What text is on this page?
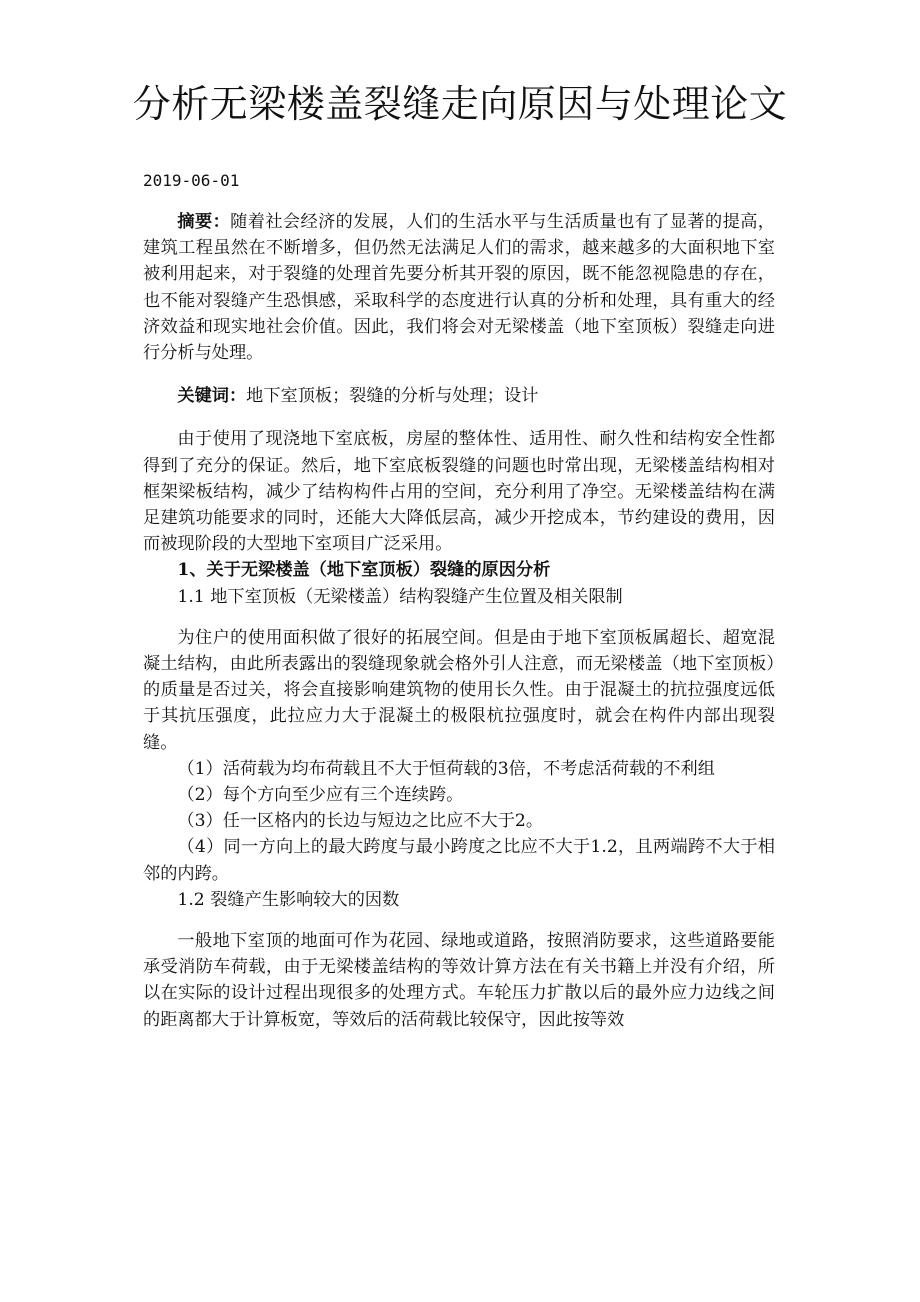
分析无梁楼盖裂缝走向原因与处理论文

2019-06-01

摘要：随着社会经济的发展，人们的生活水平与生活质量也有了显著的提高，建筑工程虽然在不断增多，但仍然无法满足人们的需求，越来越多的大面积地下室被利用起来，对于裂缝的处理首先要分析其开裂的原因，既不能忽视隐患的存在，也不能对裂缝产生恐惧感，采取科学的态度进行认真的分析和处理，具有重大的经济效益和现实地社会价值。因此，我们将会对无梁楼盖（地下室顶板）裂缝走向进行分析与处理。

关键词：地下室顶板；裂缝的分析与处理；设计

由于使用了现浇地下室底板，房屋的整体性、适用性、耐久性和结构安全性都得到了充分的保证。然后，地下室底板裂缝的问题也时常出现，无梁楼盖结构相对框架梁板结构，减少了结构构件占用的空间，充分利用了净空。无梁楼盖结构在满足建筑功能要求的同时，还能大大降低层高，减少开挖成本，节约建设的费用，因而被现阶段的大型地下室项目广泛采用。

1、关于无梁楼盖（地下室顶板）裂缝的原因分析

1.1 地下室顶板（无梁楼盖）结构裂缝产生位置及相关限制

为住户的使用面积做了很好的拓展空间。但是由于地下室顶板属超长、超宽混凝土结构，由此所表露出的裂缝现象就会格外引人注意，而无梁楼盖（地下室顶板）的质量是否过关，将会直接影响建筑物的使用长久性。由于混凝土的抗拉强度远低于其抗压强度，此拉应力大于混凝土的极限杭拉强度时，就会在构件内部出现裂缝。

（1）活荷载为均布荷载且不大于恒荷载的3倍，不考虑活荷载的不利组

（2）每个方向至少应有三个连续跨。

（3）任一区格内的长边与短边之比应不大于2。

（4）同一方向上的最大跨度与最小跨度之比应不大于1.2，且两端跨不大于相邻的内跨。

1.2 裂缝产生影响较大的因数

一般地下室顶的地面可作为花园、绿地或道路，按照消防要求，这些道路要能承受消防车荷载，由于无梁楼盖结构的等效计算方法在有关书籍上并没有介绍，所以在实际的设计过程出现很多的处理方式。车轮压力扩散以后的最外应力边线之间的距离都大于计算板宽，等效后的活荷载比较保守，因此按等效
